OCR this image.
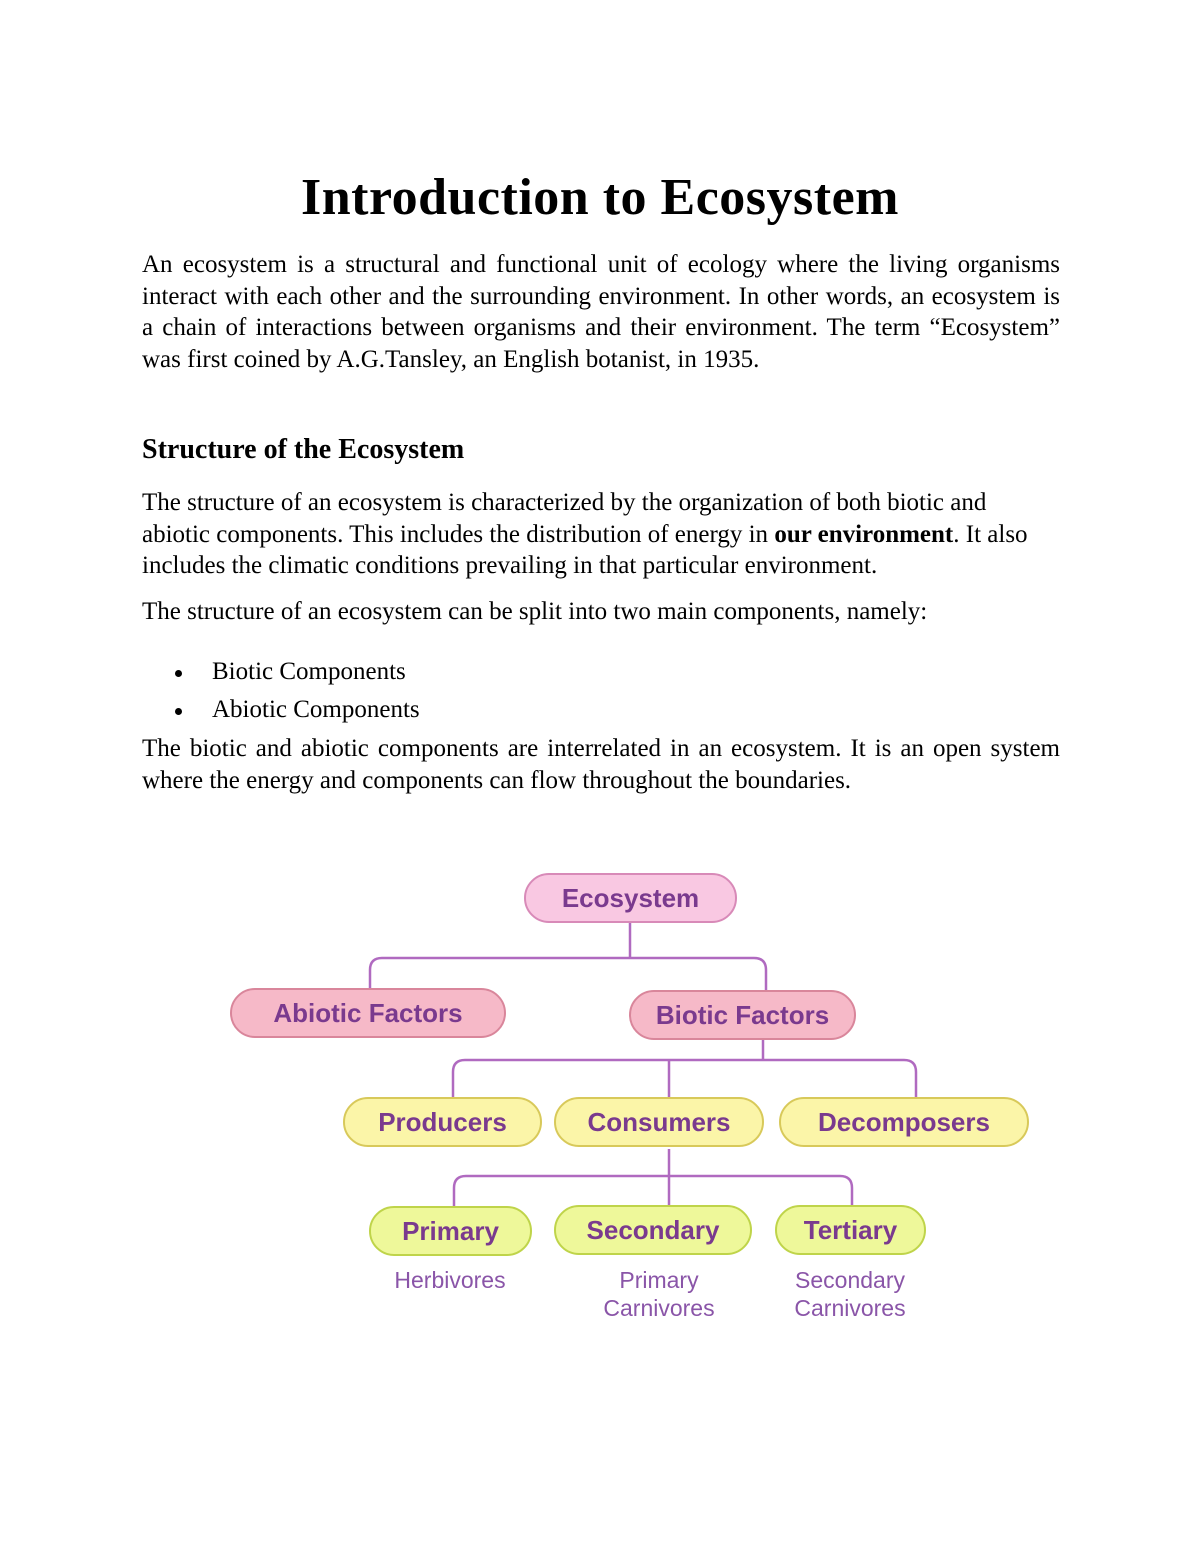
Introduction to Ecosystem

An ecosystem is a structural and functional unit of ecology where the living organisms interact with each other and the surrounding environment. In other words, an ecosystem is a chain of interactions between organisms and their environment. The term “Ecosystem” was first coined by A.G.Tansley, an English botanist, in 1935.

Structure of the Ecosystem

The structure of an ecosystem is characterized by the organization of both biotic and abiotic components. This includes the distribution of energy in our environment. It also includes the climatic conditions prevailing in that particular environment.

The structure of an ecosystem can be split into two main components, namely:

Biotic Components
Abiotic Components

The biotic and abiotic components are interrelated in an ecosystem. It is an open system where the energy and components can flow throughout the boundaries.

Ecosystem
Abiotic Factors	Biotic Factors
Producers	Consumers	Decomposers
Primary	Secondary	Tertiary
Herbivores	Primary
Carnivores
Secondary
Carnivores
